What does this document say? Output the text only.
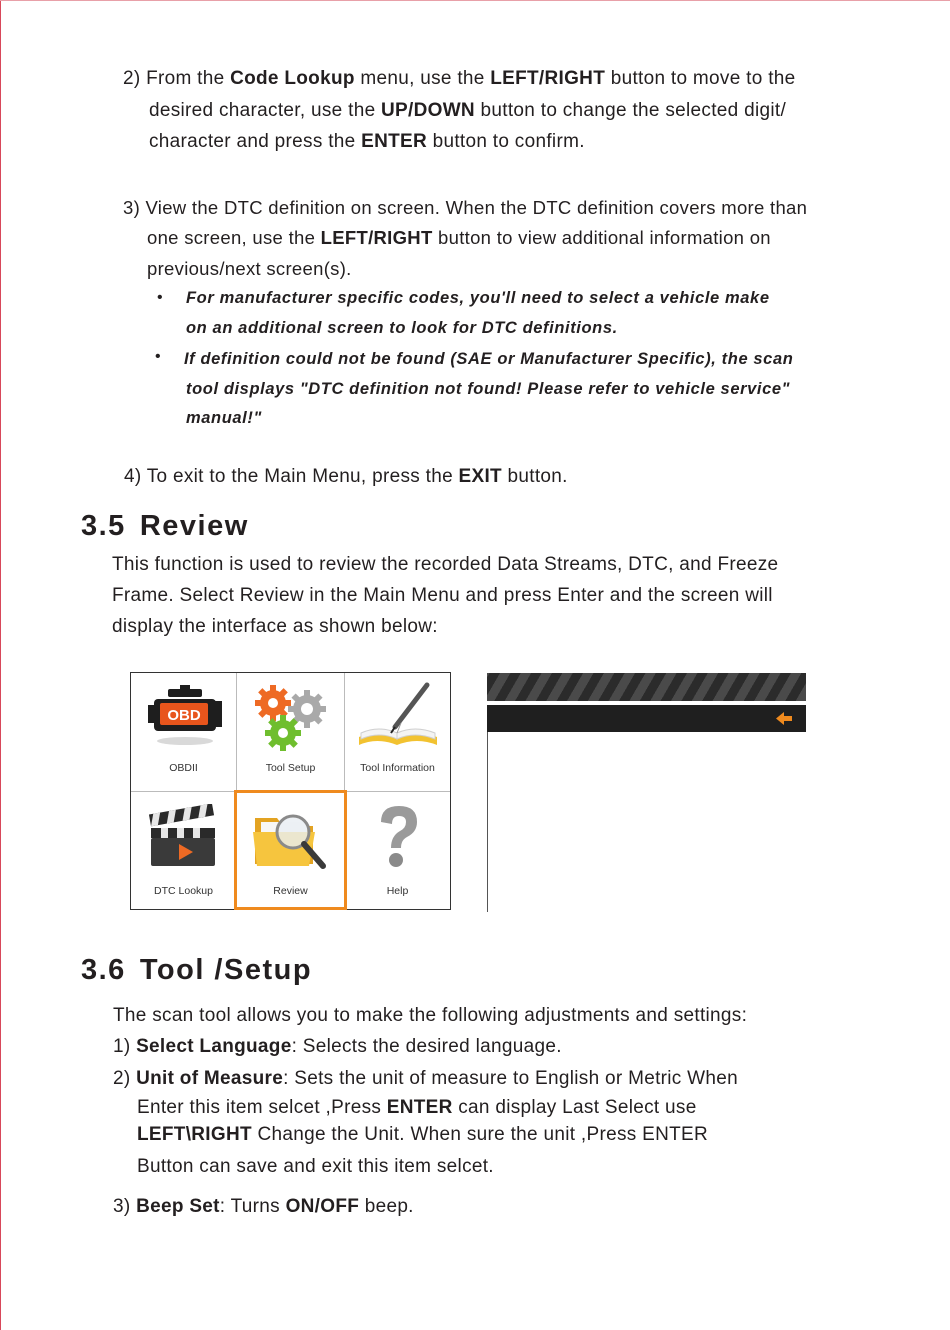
2) From the Code Lookup menu, use the LEFT/RIGHT button to move to the
desired character, use the UP/DOWN button to change the selected digit/
character and press the ENTER button to confirm.
3) View the DTC definition on screen. When the DTC definition covers more than
one screen, use the LEFT/RIGHT button to view additional information on
previous/next screen(s).
• For manufacturer specific codes, you'll need to select a vehicle make
on an additional screen to look for DTC definitions.
• If definition could not be found (SAE or Manufacturer Specific), the scan
tool displays "DTC definition not found! Please refer to vehicle service"
manual!"
4) To exit to the Main Menu, press the EXIT button.
3.5 Review
This function is used to review the recorded Data Streams, DTC, and Freeze
Frame. Select Review in the Main Menu and press Enter and the screen will
display the interface as shown below:
OBD
OBDII	Tool Setup	Tool Information
DTC Lookup	Review	Help
3.6 Tool /Setup
The scan tool allows you to make the following adjustments and settings:
1) Select Language: Selects the desired language.
2) Unit of Measure: Sets the unit of measure to English or Metric When
Enter this item selcet ,Press ENTER can display Last Select use
LEFT\RIGHT Change the Unit. When sure the unit ,Press ENTER
Button can save and exit this item selcet.
3) Beep Set: Turns ON/OFF beep.
